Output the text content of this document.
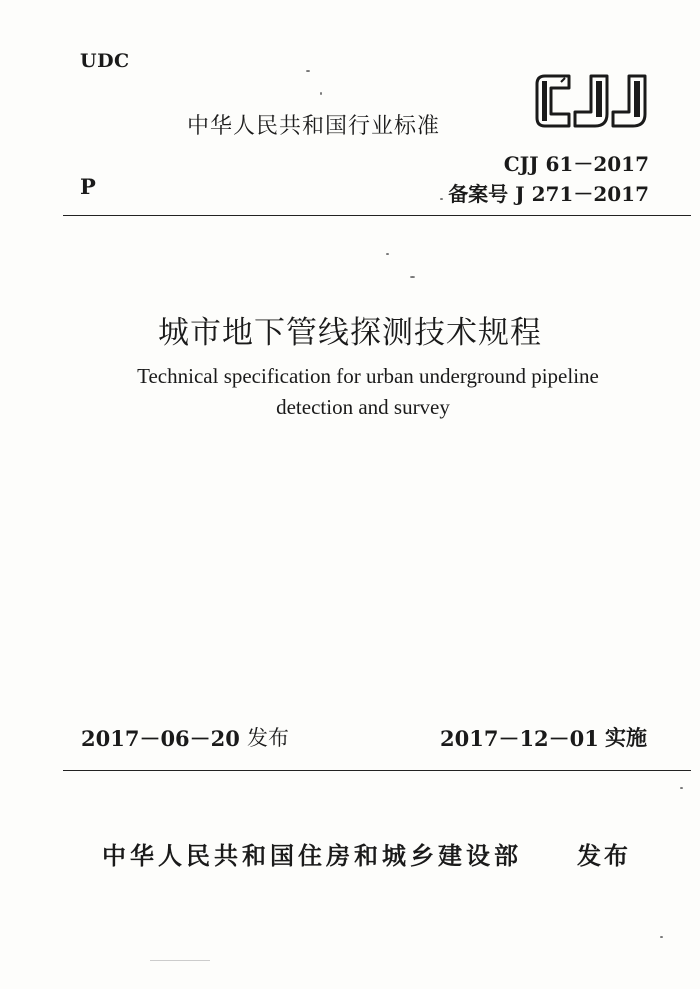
UDC
P
中华人民共和国行业标准
CJJ 61－2017
备案号 J 271－2017
城市地下管线探测技术规程
Technical specification for urban underground pipeline
detection and survey
2017－06－20 发布	2017－12－01 实施
中华人民共和国住房和城乡建设部 发布
